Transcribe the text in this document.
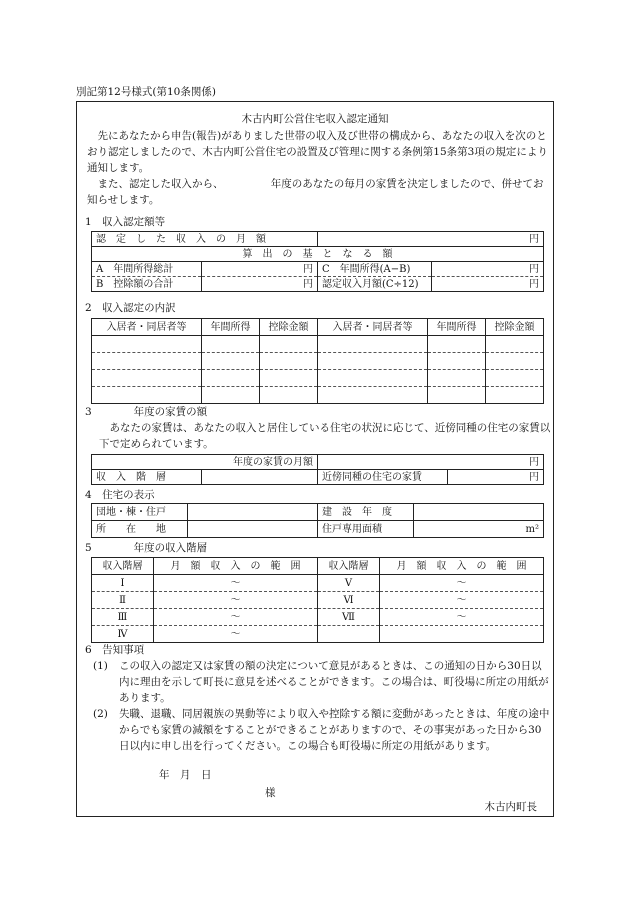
別記第12号様式(第10条関係)
木古内町公営住宅収入認定通知
先にあなたから申告(報告)がありました世帯の収入及び世帯の構成から、あなたの収入を次のとおり認定しましたので、木古内町公営住宅の設置及び管理に関する条例第15条第3項の規定により通知します。
また、認定した収入から、　　　　　年度のあなたの毎月の家賃を決定しましたので、併せてお知らせします。
1　収入認定額等
認　定　し　た　収　入　の　月　額		円	
算　出　の　基　と　な　る　額			
A　年間所得総計	円	C　年間所得(A−B)	円
B　控除額の合計	円	認定収入月額(C÷12)	円
2　収入認定の内訳
入居者・同居者等	年間所得	控除金額	入居者・同居者等	年間所得	控除金額

3　　　　年度の家賃の額
あなたの家賃は、あなたの収入と居住している住宅の状況に応じて、近傍同種の住宅の家賃以下で定められています。
年度の家賃の月額		円	
収　入　階　層		近傍同種の住宅の家賃	円
4　住宅の表示
団地・棟・住戸		建　設　年　度	
所　　在　　地		住戸専用面積	m²
5　　　　年度の収入階層
収入階層	月　額　収　入　の　範　囲	収入階層	月　額　収　入　の　範　囲
Ⅰ	〜	Ⅴ	〜
Ⅱ	〜	Ⅵ	〜
Ⅲ	〜	Ⅶ	〜
Ⅳ	〜		
6　告知事項
(1) この収入の認定又は家賃の額の決定について意見があるときは、この通知の日から30日以内に理由を示して町長に意見を述べることができます。この場合は、町役場に所定の用紙があります。
(2) 失職、退職、同居親族の異動等により収入や控除する額に変動があったときは、年度の途中からでも家賃の減額をすることができることがありますので、その事実があった日から30日以内に申し出を行ってください。この場合も町役場に所定の用紙があります。
年　月　日
様
木古内町長
